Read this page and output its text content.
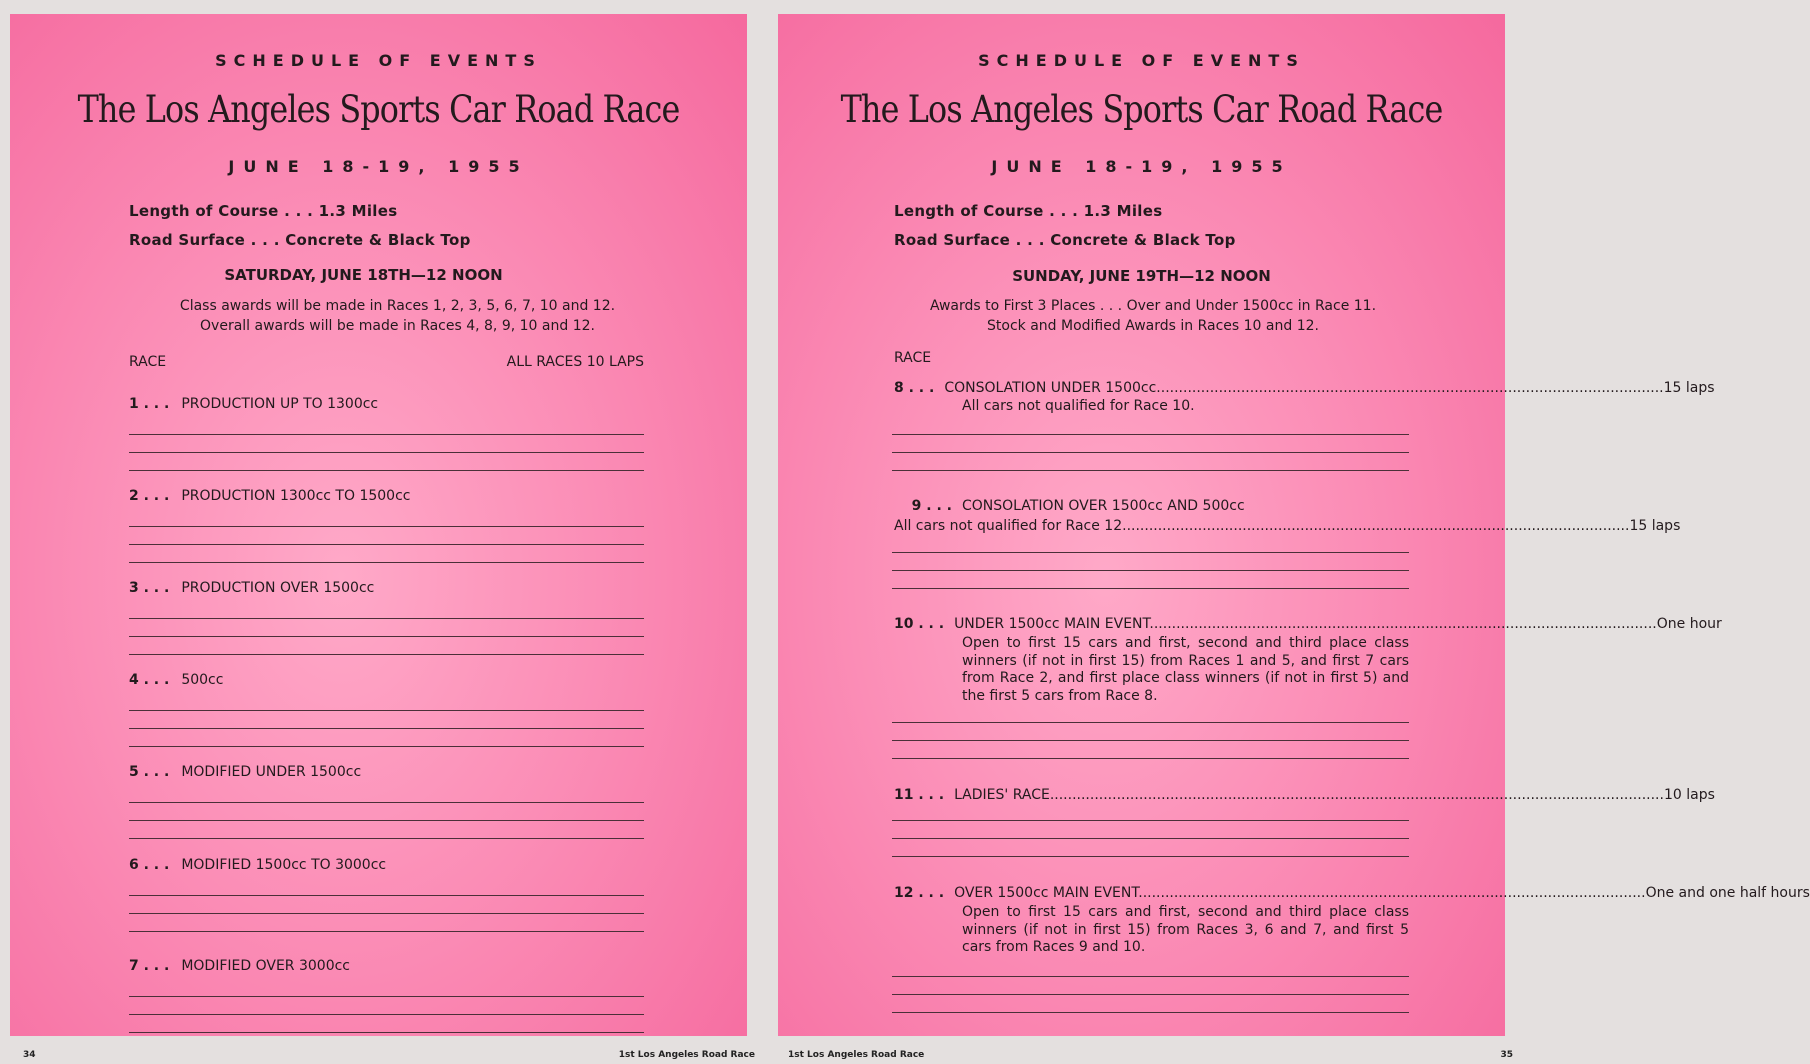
SCHEDULE OF EVENTS
The Los Angeles Sports Car Road Race
JUNE 18-19, 1955
Length of Course . . . 1.3 Miles
Road Surface . . . Concrete & Black Top
SATURDAY, JUNE 18TH—12 NOON
Class awards will be made in Races 1, 2, 3, 5, 6, 7, 10 and 12.
Overall awards will be made in Races 4, 8, 9, 10 and 12.
RACE	ALL RACES 10 LAPS
1 . . . PRODUCTION UP TO 1300cc
2 . . . PRODUCTION 1300cc TO 1500cc
3 . . . PRODUCTION OVER 1500cc
4 . . . 500cc
5 . . . MODIFIED UNDER 1500cc
6 . . . MODIFIED 1500cc TO 3000cc
7 . . . MODIFIED OVER 3000cc
34	1st Los Angeles Road Race
SCHEDULE OF EVENTS
The Los Angeles Sports Car Road Race
JUNE 18-19, 1955
Length of Course . . . 1.3 Miles
Road Surface . . . Concrete & Black Top
SUNDAY, JUNE 19TH—12 NOON
Awards to First 3 Places . . . Over and Under 1500cc in Race 11.
Stock and Modified Awards in Races 10 and 12.
RACE
8 . . . CONSOLATION UNDER 1500cc.................................................................................................................. 15 laps
All cars not qualified for Race 10.
9 . . . CONSOLATION OVER 1500cc AND 500cc
All cars not qualified for Race 12.................................................................................................................. 15 laps
10 . . . UNDER 1500cc MAIN EVENT.................................................................................................................. One hour
Open to first 15 cars and first, second and third place class winners (if not in first 15) from Races 1 and 5, and first 7 cars from Race 2, and first place class winners (if not in first 5) and the first 5 cars from Race 8.
11 . . . LADIES' RACE.......................................................................................................................................... 10 laps
12 . . . OVER 1500cc MAIN EVENT.................................................................................................................. One and one half hours
Open to first 15 cars and first, second and third place class winners (if not in first 15) from Races 3, 6 and 7, and first 5 cars from Races 9 and 10.
1st Los Angeles Road Race	35
